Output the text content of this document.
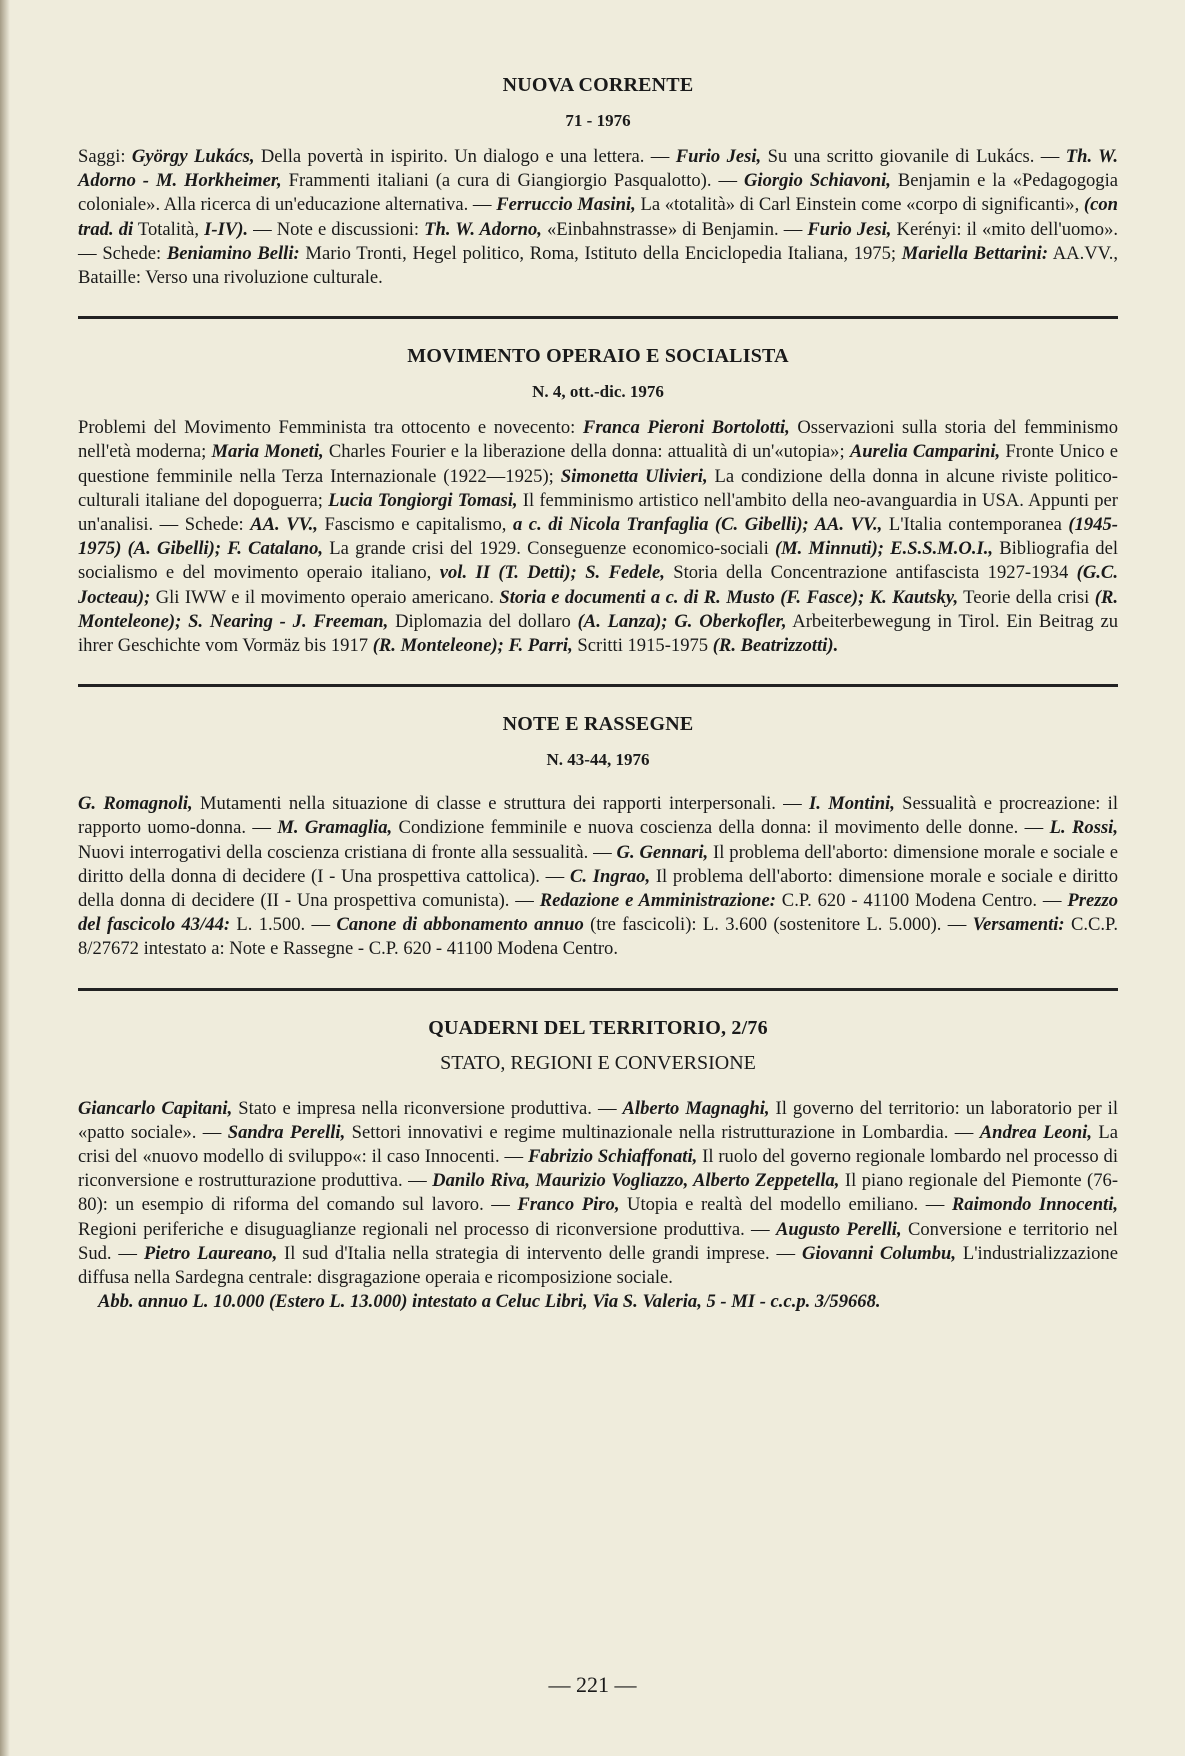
NUOVA CORRENTE
71 - 1976

Saggi: György Lukács, Della povertà in ispirito. Un dialogo e una lettera. — Furio Jesi, Su una scritto giovanile di Lukács. — Th. W. Adorno - M. Horkheimer, Frammenti italiani (a cura di Giangiorgio Pasqualotto). — Giorgio Schiavoni, Benjamin e la «Pedagogogia coloniale». Alla ricerca di un'educazione alternativa. — Ferruccio Masini, La «totalità» di Carl Einstein come «corpo di significanti», (con trad. di Totalità, I-IV). — Note e discussioni: Th. W. Adorno, «Einbahnstrasse» di Benjamin. — Furio Jesi, Kerényi: il «mito dell'uomo». — Schede: Beniamino Belli: Mario Tronti, Hegel politico, Roma, Istituto della Enciclopedia Italiana, 1975; Mariella Bettarini: AA.VV., Bataille: Verso una rivoluzione culturale.

MOVIMENTO OPERAIO E SOCIALISTA
N. 4, ott.-dic. 1976

Problemi del Movimento Femminista tra ottocento e novecento: Franca Pieroni Bortolotti, Osservazioni sulla storia del femminismo nell'età moderna; Maria Moneti, Charles Fourier e la liberazione della donna: attualità di un'«utopia»; Aurelia Camparini, Fronte Unico e questione femminile nella Terza Internazionale (1922—1925); Simonetta Ulivieri, La condizione della donna in alcune riviste politico-culturali italiane del dopoguerra; Lucia Tongiorgi Tomasi, Il femminismo artistico nell'ambito della neo-avanguardia in USA. Appunti per un'analisi. — Schede: AA. VV., Fascismo e capitalismo, a c. di Nicola Tranfaglia (C. Gibelli); AA. VV., L'Italia contemporanea (1945-1975) (A. Gibelli); F. Catalano, La grande crisi del 1929. Conseguenze economico-sociali (M. Minnuti); E.S.S.M.O.I., Bibliografia del socialismo e del movimento operaio italiano, vol. II (T. Detti); S. Fedele, Storia della Concentrazione antifascista 1927-1934 (G.C. Jocteau); Gli IWW e il movimento operaio americano. Storia e documenti a c. di R. Musto (F. Fasce); K. Kautsky, Teorie della crisi (R. Monteleone); S. Nearing - J. Freeman, Diplomazia del dollaro (A. Lanza); G. Oberkofler, Arbeiterbewegung in Tirol. Ein Beitrag zu ihrer Geschichte vom Vormäz bis 1917 (R. Monteleone); F. Parri, Scritti 1915-1975 (R. Beatrizzotti).

NOTE E RASSEGNE
N. 43-44, 1976

G. Romagnoli, Mutamenti nella situazione di classe e struttura dei rapporti interpersonali. — I. Montini, Sessualità e procreazione: il rapporto uomo-donna. — M. Gramaglia, Condizione femminile e nuova coscienza della donna: il movimento delle donne. — L. Rossi, Nuovi interrogativi della coscienza cristiana di fronte alla sessualità. — G. Gennari, Il problema dell'aborto: dimensione morale e sociale e diritto della donna di decidere (I - Una prospettiva cattolica). — C. Ingrao, Il problema dell'aborto: dimensione morale e sociale e diritto della donna di decidere (II - Una prospettiva comunista). — Redazione e Amministrazione: C.P. 620 - 41100 Modena Centro. — Prezzo del fascicolo 43/44: L. 1.500. — Canone di abbonamento annuo (tre fascicoli): L. 3.600 (sostenitore L. 5.000). — Versamenti: C.C.P. 8/27672 intestato a: Note e Rassegne - C.P. 620 - 41100 Modena Centro.

QUADERNI DEL TERRITORIO, 2/76
STATO, REGIONI E CONVERSIONE

Giancarlo Capitani, Stato e impresa nella riconversione produttiva. — Alberto Magnaghi, Il governo del territorio: un laboratorio per il «patto sociale». — Sandra Perelli, Settori innovativi e regime multinazionale nella ristrutturazione in Lombardia. — Andrea Leoni, La crisi del «nuovo modello di sviluppo«: il caso Innocenti. — Fabrizio Schiaffonati, Il ruolo del governo regionale lombardo nel processo di riconversione e rostrutturazione produttiva. — Danilo Riva, Maurizio Vogliazzo, Alberto Zeppetella, Il piano regionale del Piemonte (76-80): un esempio di riforma del comando sul lavoro. — Franco Piro, Utopia e realtà del modello emiliano. — Raimondo Innocenti, Regioni periferiche e disuguaglianze regionali nel processo di riconversione produttiva. — Augusto Perelli, Conversione e territorio nel Sud. — Pietro Laureano, Il sud d'Italia nella strategia di intervento delle grandi imprese. — Giovanni Columbu, L'industrializzazione diffusa nella Sardegna centrale: disgragazione operaia e ricomposizione sociale.

Abb. annuo L. 10.000 (Estero L. 13.000) intestato a Celuc Libri, Via S. Valeria, 5 - MI - c.c.p. 3/59668.

— 221 —
